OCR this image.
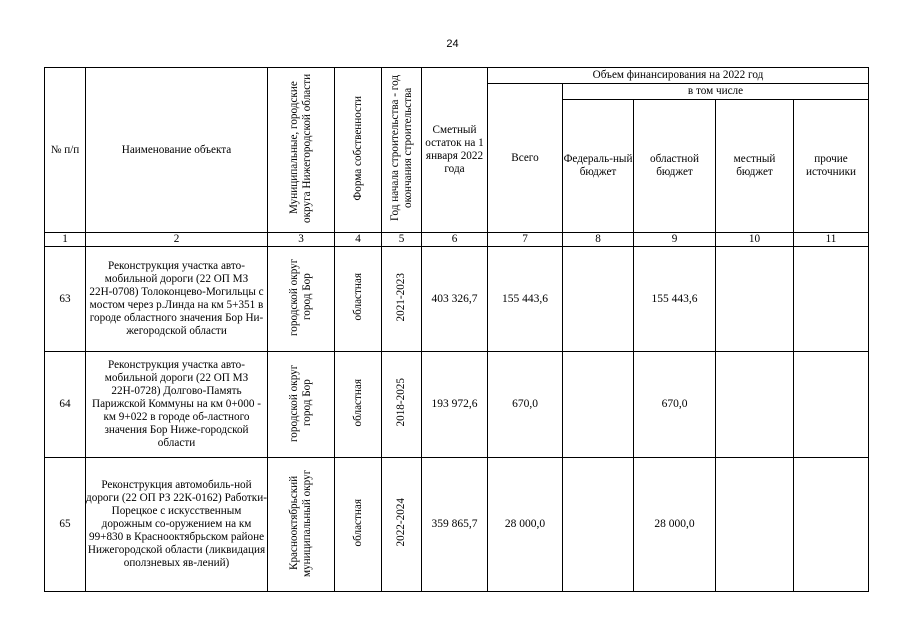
24
№ п/п	Наименование объекта	Муниципальные, городские округа Нижегородской области	Форма собственности	Год начала строительства - год окончания строительства	Сметный остаток на 1 января 2022 года	Объем финансирования на 2022 год				
						Всего	в том числе			
							Федераль-ный бюджет	областной бюджет	местный бюджет	прочие источники
1	2	3	4	5	6	7	8	9	10	11
63	Реконструкция участка авто-мобильной дороги (22 ОП МЗ 22Н-0708) Толоконцево-Могильцы с мостом через р.Линда на км 5+351 в городе областного значения Бор Ни-жегородской области	городской округ город Бор	областная	2021-2023	403 326,7	155 443,6		155 443,6		
64	Реконструкция участка авто-мобильной дороги (22 ОП МЗ 22Н-0728) Долгово-Память Парижской Коммуны на км 0+000 - км 9+022 в городе об-ластного значения Бор Ниже-городской области	городской округ город Бор	областная	2018-2025	193 972,6	670,0		670,0		
65	Реконструкция автомобиль-ной дороги (22 ОП РЗ 22К-0162) Работки-Порецкое с искусственным дорожным со-оружением на км 99+830 в Краснооктябрьском районе Нижегородской области (ликвидация оползневых яв-лений)	Краснооктябрьский муниципальный округ	областная	2022-2024	359 865,7	28 000,0		28 000,0		
